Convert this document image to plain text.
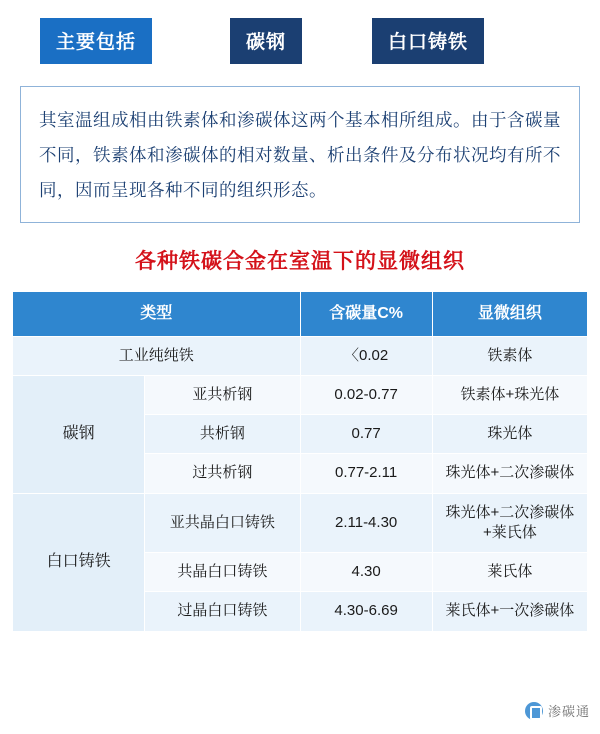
主要包括	碳钢	白口铸铁
其室温组成相由铁素体和渗碳体这两个基本相所组成。由于含碳量不同，铁素体和渗碳体的相对数量、析出条件及分布状况均有所不同，因而呈现各种不同的组织形态。
各种铁碳合金在室温下的显微组织
类型		含碳量C%	显微组织
工业纯纯铁		〈0.02	铁素体
碳钢	亚共析钢	0.02-0.77	铁素体+珠光体
	共析钢	0.77	珠光体
	过共析钢	0.77-2.11	珠光体+二次渗碳体
白口铸铁	亚共晶白口铸铁	2.11-4.30	珠光体+二次渗碳体+莱氏体
	共晶白口铸铁	4.30	莱氏体
	过晶白口铸铁	4.30-6.69	莱氏体+一次渗碳体
渗碳通
